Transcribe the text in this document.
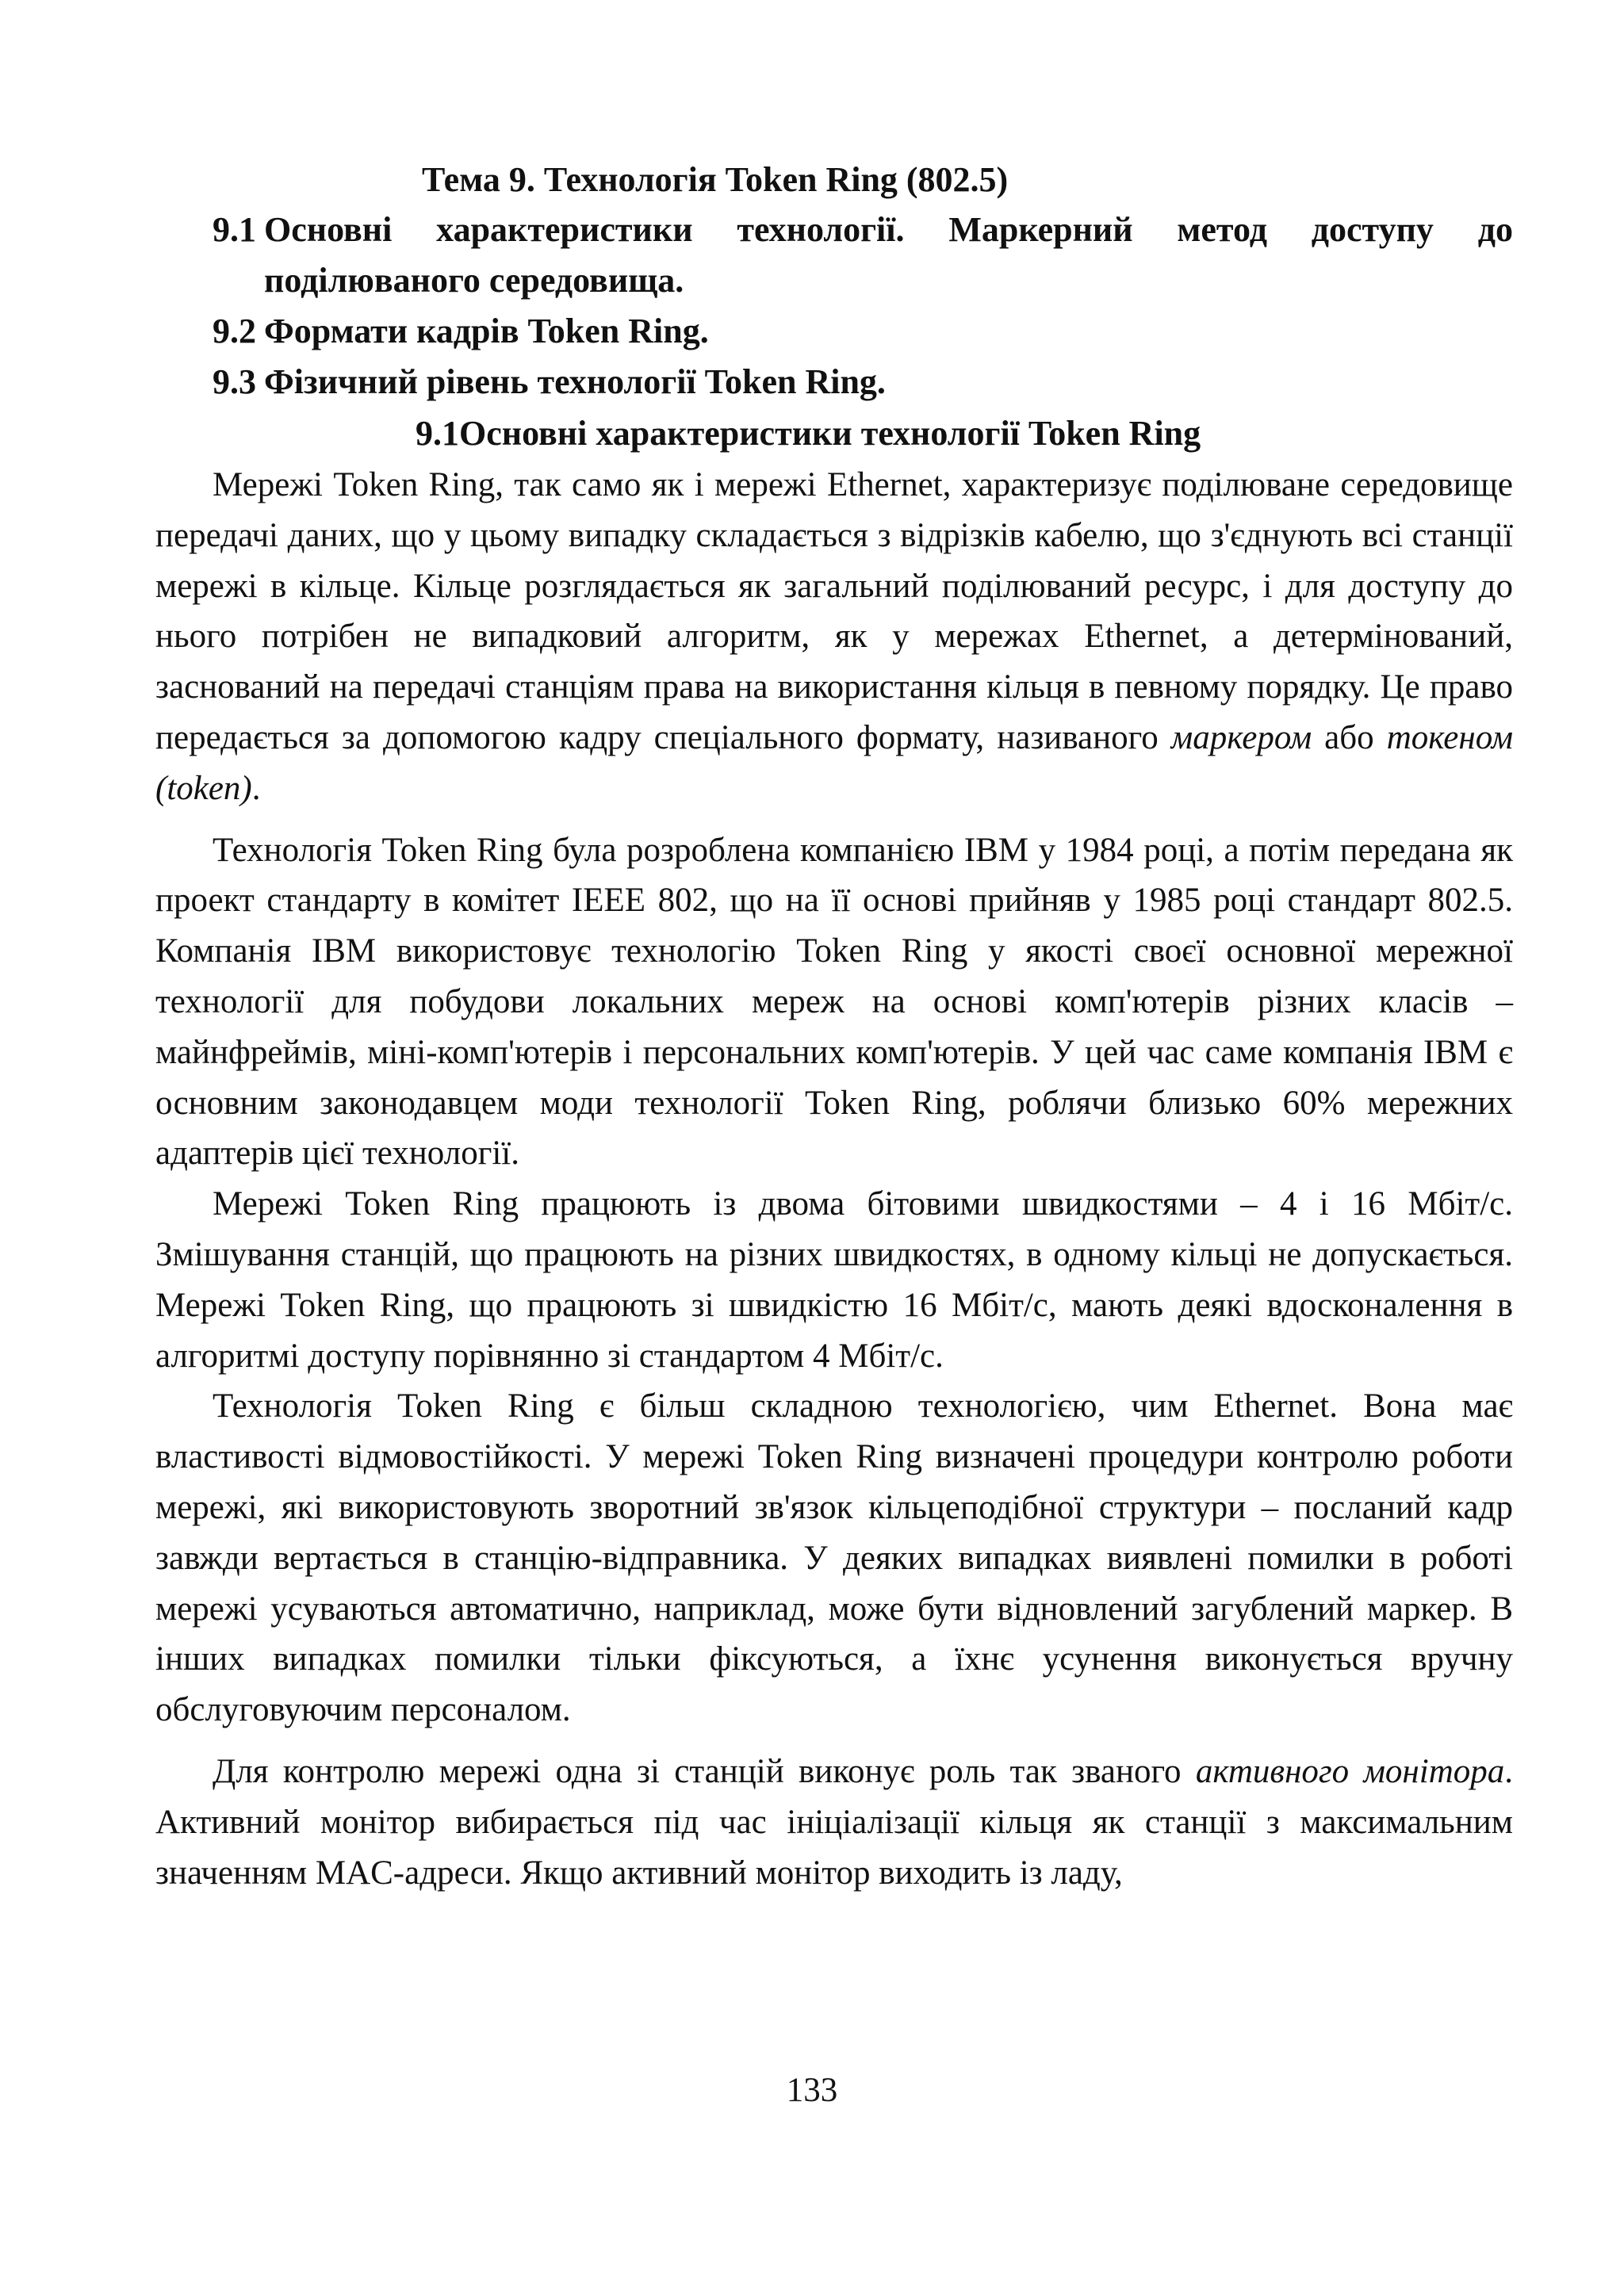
Тема 9. Технологія Token Ring (802.5)
9.1 Основні характеристики технології. Маркерний метод доступу до поділюваного середовища.
9.2 Формати кадрів Token Ring.
9.3 Фізичний рівень технології Token Ring.
9.1Основні характеристики технології Token Ring

Мережі Token Ring, так само як і мережі Ethernet, характеризує поділюване середовище передачі даних, що у цьому випадку складається з відрізків кабелю, що з'єднують всі станції мережі в кільце. Кільце розглядається як загальний поділюваний ресурс, і для доступу до нього потрібен не випадковий алгоритм, як у мережах Ethernet, а детермінований, заснований на передачі станціям права на використання кільця в певному порядку. Це право передається за допомогою кадру спеціального формату, називаного маркером або токеном (token).

Технологія Token Ring була розроблена компанією IBM у 1984 році, а потім передана як проект стандарту в комітет IEEE 802, що на її основі прийняв у 1985 році стандарт 802.5. Компанія IBM використовує технологію Token Ring у якості своєї основної мережної технології для побудови локальних мереж на основі комп'ютерів різних класів – майнфреймів, міні-комп'ютерів і персональних комп'ютерів. У цей час саме компанія IBM є основним законодавцем моди технології Token Ring, роблячи близько 60% мережних адаптерів цієї технології.

Мережі Token Ring працюють із двома бітовими швидкостями – 4 і 16 Мбіт/с. Змішування станцій, що працюють на різних швидкостях, в одному кільці не допускається. Мережі Token Ring, що працюють зі швидкістю 16 Мбіт/с, мають деякі вдосконалення в алгоритмі доступу порівнянно зі стандартом 4 Мбіт/с.

Технологія Token Ring є більш складною технологією, чим Ethernet. Вона має властивості відмовостійкості. У мережі Token Ring визначені процедури контролю роботи мережі, які використовують зворотний зв'язок кільцеподібної структури – посланий кадр завжди вертається в станцію-відправника. У деяких випадках виявлені помилки в роботі мережі усуваються автоматично, наприклад, може бути відновлений загублений маркер. В інших випадках помилки тільки фіксуються, а їхнє усунення виконується вручну обслуговуючим персоналом.

Для контролю мережі одна зі станцій виконує роль так званого активного монітора. Активний монітор вибирається під час ініціалізації кільця як станції з максимальним значенням MAC-адреси. Якщо активний монітор виходить із ладу,

133
